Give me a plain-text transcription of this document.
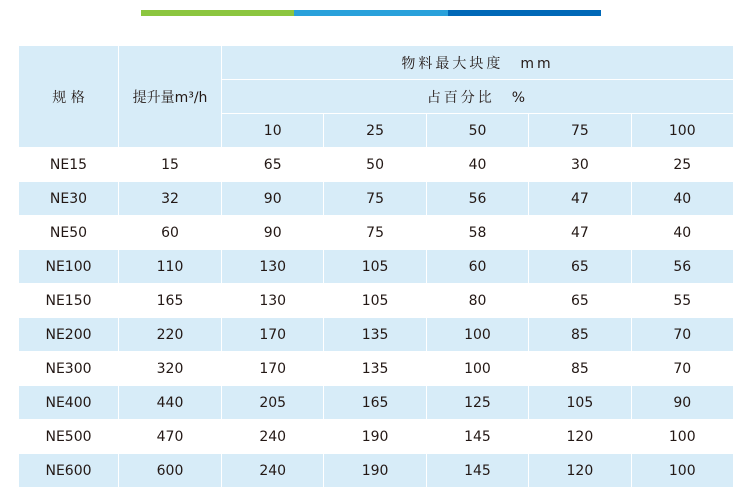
规 格	提升量m³/h	物料最大块度　mm				
		占百分比　%				
		10	25	50	75	100
NE15	15	65	50	40	30	25
NE30	32	90	75	56	47	40
NE50	60	90	75	58	47	40
NE100	110	130	105	60	65	56
NE150	165	130	105	80	65	55
NE200	220	170	135	100	85	70
NE300	320	170	135	100	85	70
NE400	440	205	165	125	105	90
NE500	470	240	190	145	120	100
NE600	600	240	190	145	120	100
